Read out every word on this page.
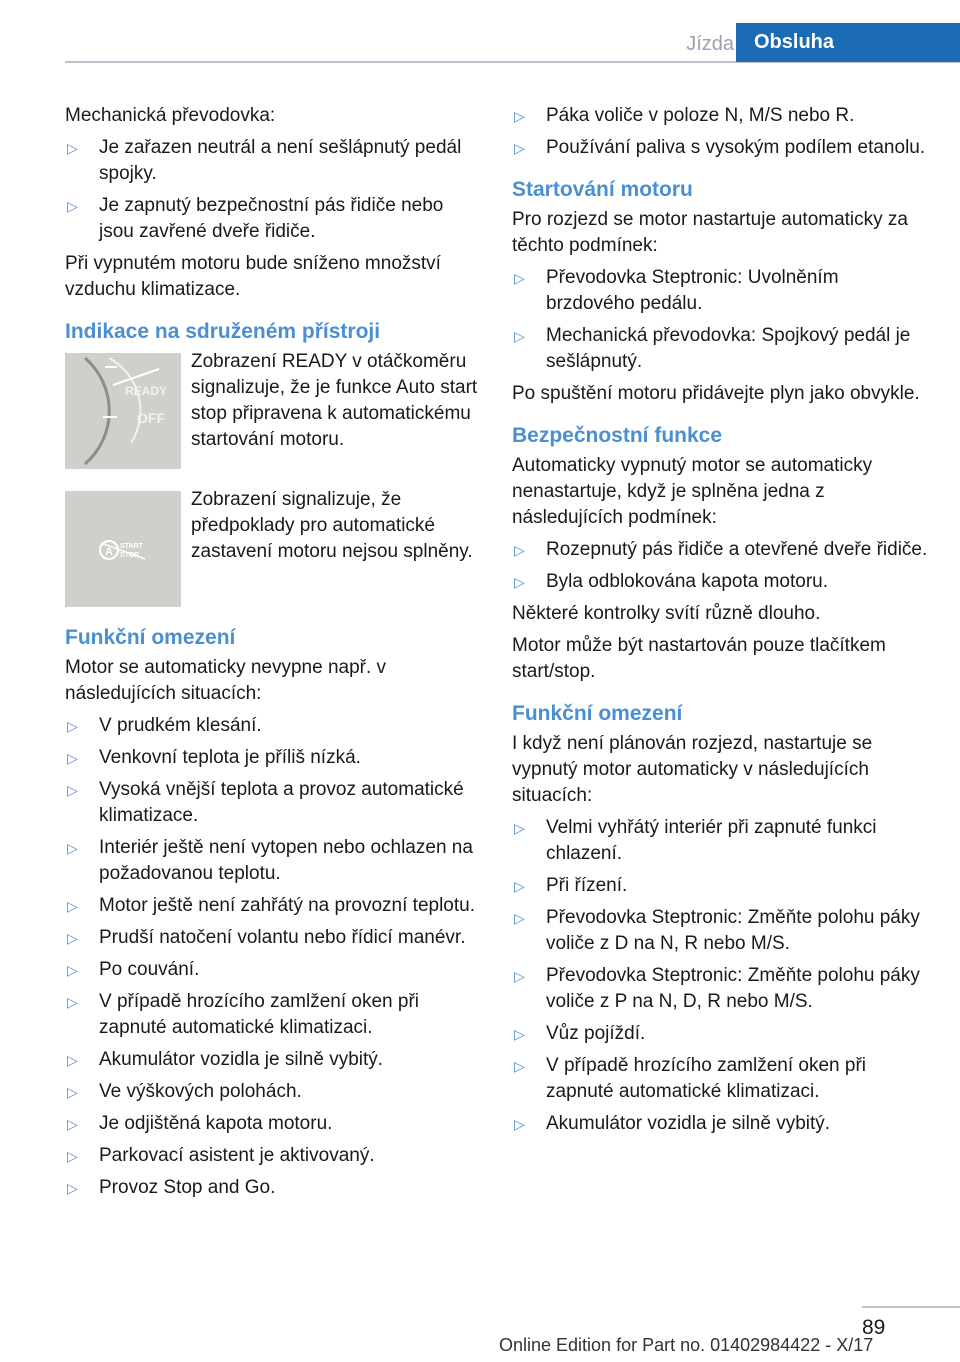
Jízda	Obsluha

Mechanická převodovka:

▷ Je zařazen neutrál a není sešlápnutý pedál spojky.
▷ Je zapnutý bezpečnostní pás řidiče nebo jsou zavřené dveře řidiče.

Při vypnutém motoru bude sníženo množství vzduchu klimatizace.

Indikace na sdruženém přístroji
READY
OFF
Zobrazení READY v otáčkoměru signalizuje, že je funkce Auto start stop připravena k automatickému startování motoru.
A START
STOP
Zobrazení signalizuje, že předpoklady pro automatické zastavení motoru nejsou splněny.
Funkční omezení

Motor se automaticky nevypne např. v následujících situacích:

▷ V prudkém klesání.
▷ Venkovní teplota je příliš nízká.
▷ Vysoká vnější teplota a provoz automatické klimatizace.
▷ Interiér ještě není vytopen nebo ochlazen na požadovanou teplotu.
▷ Motor ještě není zahřátý na provozní teplotu.
▷ Prudší natočení volantu nebo řídicí manévr.
▷ Po couvání.
▷ V případě hrozícího zamlžení oken při zapnuté automatické klimatizaci.
▷ Akumulátor vozidla je silně vybitý.
▷ Ve výškových polohách.
▷ Je odjištěná kapota motoru.
▷ Parkovací asistent je aktivovaný.
▷ Provoz Stop and Go.
▷ Páka voliče v poloze N, M/S nebo R.
▷ Používání paliva s vysokým podílem etanolu.
Startování motoru

Pro rozjezd se motor nastartuje automaticky za těchto podmínek:

▷ Převodovka Steptronic: Uvolněním brzdového pedálu.
▷ Mechanická převodovka: Spojkový pedál je sešlápnutý.

Po spuštění motoru přidávejte plyn jako obvykle.

Bezpečnostní funkce

Automaticky vypnutý motor se automaticky nenastartuje, když je splněna jedna z následujících podmínek:

▷ Rozepnutý pás řidiče a otevřené dveře řidiče.
▷ Byla odblokována kapota motoru.

Některé kontrolky svítí různě dlouho.

Motor může být nastartován pouze tlačítkem start/stop.

Funkční omezení

I když není plánován rozjezd, nastartuje se vypnutý motor automaticky v následujících situacích:

▷ Velmi vyhřátý interiér při zapnuté funkci chlazení.
▷ Při řízení.
▷ Převodovka Steptronic: Změňte polohu páky voliče z D na N, R nebo M/S.
▷ Převodovka Steptronic: Změňte polohu páky voliče z P na N, D, R nebo M/S.
▷ Vůz pojíždí.
▷ V případě hrozícího zamlžení oken při zapnuté automatické klimatizaci.
▷ Akumulátor vozidla je silně vybitý.
89
Online Edition for Part no. 01402984422 - X/17
